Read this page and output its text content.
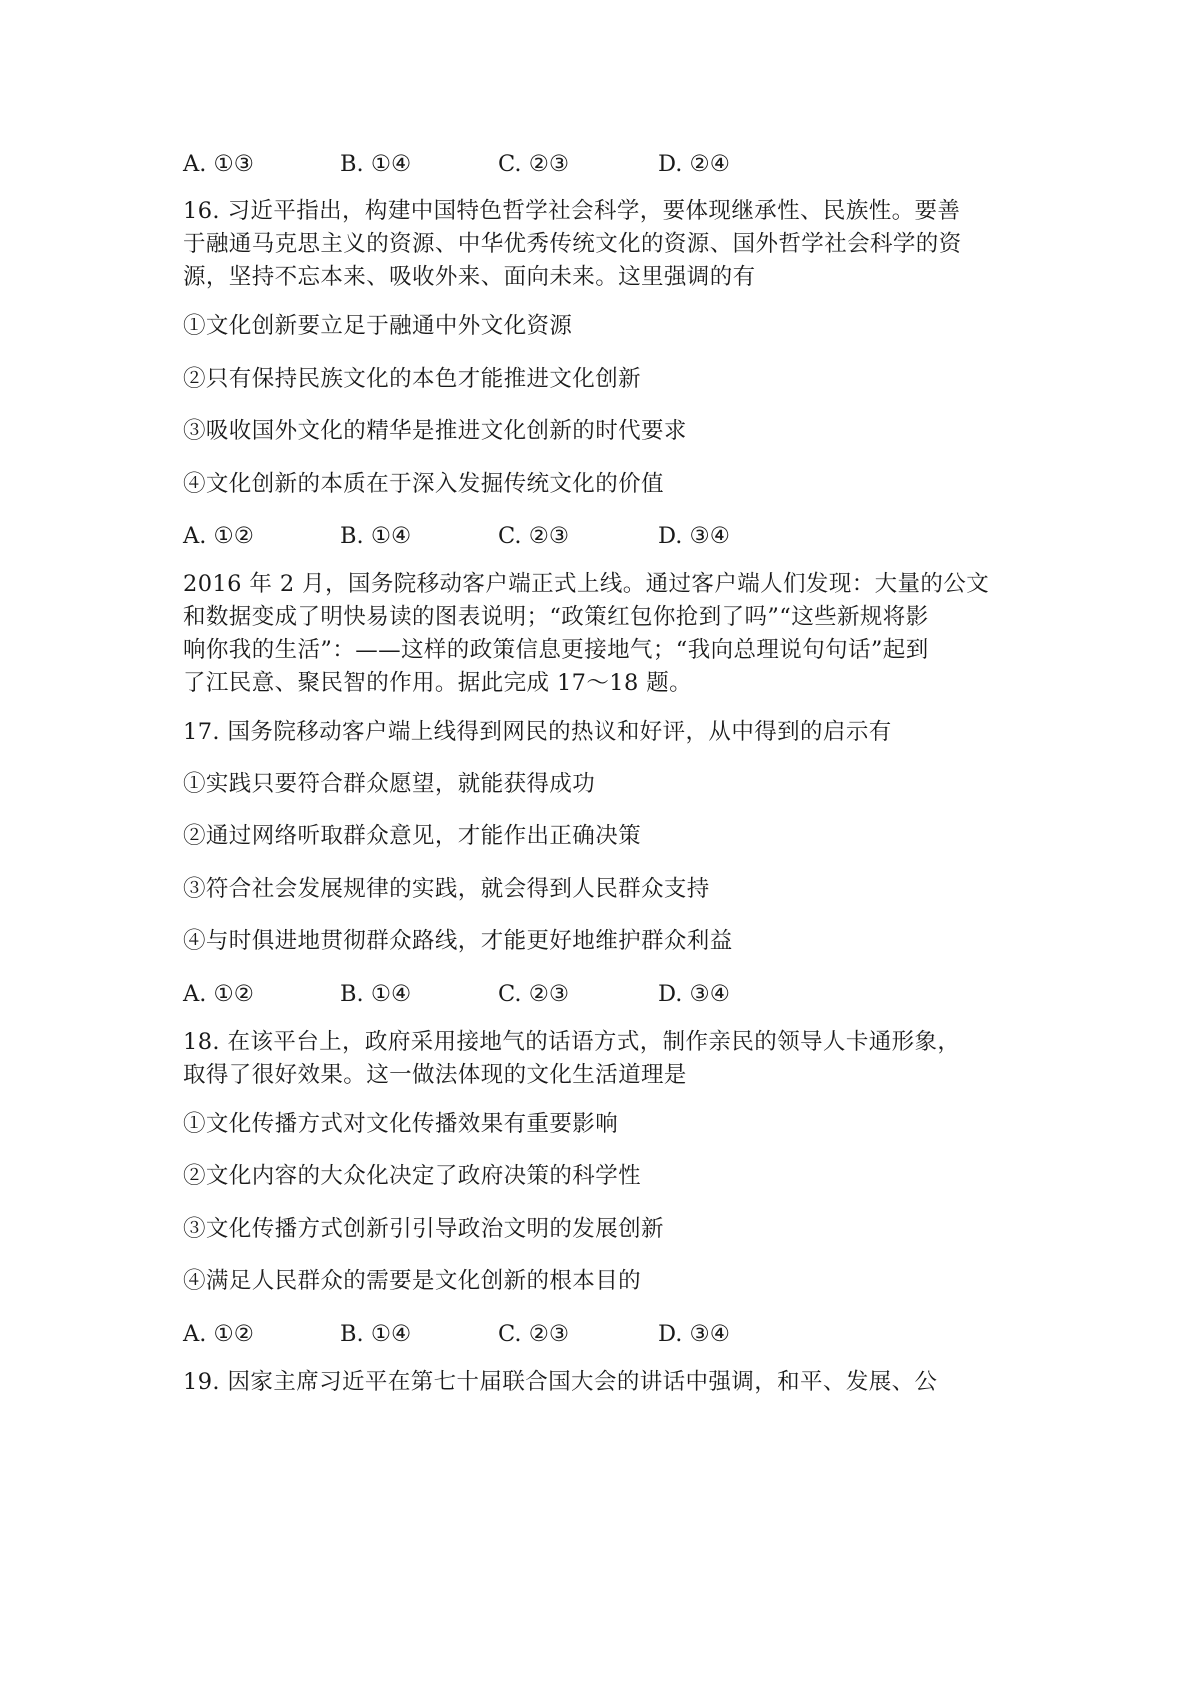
A. ①③	B. ①④	C. ②③	D. ②④
16. 习近平指出，构建中国特色哲学社会科学，要体现继承性、民族性。要善
于融通马克思主义的资源、中华优秀传统文化的资源、国外哲学社会科学的资
源，坚持不忘本来、吸收外来、面向未来。这里强调的有
①文化创新要立足于融通中外文化资源
②只有保持民族文化的本色才能推进文化创新
③吸收国外文化的精华是推进文化创新的时代要求
④文化创新的本质在于深入发掘传统文化的价值
A. ①②	B. ①④	C. ②③	D. ③④
2016 年 2 月，国务院移动客户端正式上线。通过客户端人们发现：大量的公文
和数据变成了明快易读的图表说明；“政策红包你抢到了吗”“这些新规将影
响你我的生活”：——这样的政策信息更接地气；“我向总理说句句话”起到
了江民意、聚民智的作用。据此完成 17～18 题。
17. 国务院移动客户端上线得到网民的热议和好评，从中得到的启示有
①实践只要符合群众愿望，就能获得成功
②通过网络听取群众意见，才能作出正确决策
③符合社会发展规律的实践，就会得到人民群众支持
④与时俱进地贯彻群众路线，才能更好地维护群众利益
A. ①②	B. ①④	C. ②③	D. ③④
18. 在该平台上，政府采用接地气的话语方式，制作亲民的领导人卡通形象，
取得了很好效果。这一做法体现的文化生活道理是
①文化传播方式对文化传播效果有重要影响
②文化内容的大众化决定了政府决策的科学性
③文化传播方式创新引引导政治文明的发展创新
④满足人民群众的需要是文化创新的根本目的
A. ①②	B. ①④	C. ②③	D. ③④
19. 因家主席习近平在第七十届联合国大会的讲话中强调，和平、发展、公
